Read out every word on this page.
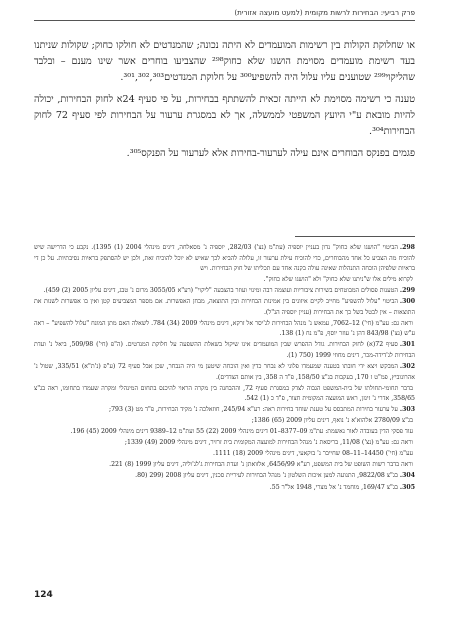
פרק רביעי: הבחירות לרשות מקומית (למעט מועצה אזורית)

או שחלוקת הקולות בין רשימות המועמדים לא היתה נכונה; שהמנדטים לא חולקו כחוק; שקולות שניתנו בעד רשימת מועמדים מסוימת הושגו שלא כחוק²⁹⁸ שהצביעו בוחרים אשר שינו מענם – ובלבד שהליקוי²⁹⁹ שטוענים עליו עלול היה להשפיע³⁰⁰ על חלוקת המנדטים³⁰¹,³⁰²,³⁰³.

טענה כי רשימה מסוימת לא הייתה זכאית להשתתף בבחירות, על פי סעיף 24א לחוק הבחירות, יכולה להיות מובאת ע"י היועץ המשפטי לממשלה, אך לא במסגרת ערעור על הבחירות לפי סעיף 72 לחוק הבחירות³⁰⁴.

פגמים בפנקס הבוחרים אינם עילה לערעור-בחירות אלא לערעור על הפנקס³⁰⁵.

298.הביטוי "הושגו שלא כחוק" נדון בעניין יוספיה (עת"מ (נצ') 282/03, יוספיה נ' מסאלחה, דינים מינהלי 2004 (1) 1395). נקבע כי הדרישה שיש להוכיח מה הצביע כל אחד מהבוחרים, כדי להוכיח עילת ערעור זו, עלולה להביא לכך שאיש לא יוכל להוכיח זאת, ולכן יש להסתפק בראיות נסיבתיות. על כן די בראיות שלפיהן הוכחה התנהלות שאינה עולה בקנה אחד עם תכליתו של חוק הבחירות. ויש
לקרוא מילים אלו ש"ניתנו שלא כחוק" ולא "הושגו שלא כחוק".
299.הטענות פסולים המבוטחים בשירות ציבוריות ועוצמה רבה ומינוי ועוזר בהצבעה "ליקוי" (רע"א 3055/05 מרום נ' טבג, דינים עליון 2005 (2) 459).
300.הביטוי "עלול להשפיע" מחייב לקיים איזונים בין אמינות הבחירות ובין התוצאה, מבחן האפשרות. אם מספר המצביעים קטן ואין בו אפשרות לשנות את התוצאות – אין לבטל בשל כך את הבחירות (עניין יוספיה הנ"ל).
וראה גם: עע"מ (חי') 12–7062, עמאש נ' מנהל הבחירות לג'יסר אל זרקא, דינים מינהלי 2009 (34) 784. לשאלה האם מתן המונח "עלול להשפיע" – ראה ע"ש (נצ') 843/98 דהן נ' עוזר יוסף, פ"מ נח (1) 138.
301.סעיף 72(א) לחוק הבחירות. גודל ההפרש שבין המועמדים אינו שיקול בשאלת ההשפעה על חלוקת המנדטים. (ה"פ (חי') 509/98, ביאל נ' ועדת הבחירות לג'דידה-מכר, דינים מחוזי 1999 (750 (1).
302.המבקש ויצא ידי חובתו בטענה שמעמדו פלוני לא נבחר כדין ואין הוכחה שיטען מי היה הנבחר, שכן אבל סעיף 72 (ע"פ (נ'ת"א) 335/51, שטול נ' אהרונוביץ, פמ"ט ז 170, בעקבות בג"צ 158/50, פ"ד ה 358, בין אותם הצדדים).
בדבר תחומי-תחולתו של בית-המשפט הגבוה לצדק במסגרת סעיף 72, וההבחנה בין מקרה הראוי להיכנס בתחום המינהלי ומקרה שעמדו בתחומו, ראה בג"צ 358/65, אדרי נ' זינזן, ראש המועצה המקומית חצור, פ"ד כ (1) 542.
303.על ערעור בחירות המתבסס על טענת שוחד בחירות ראה: רע"א 245/94, חוזאלכה נ' מקיד הבחירות, פ"ד מט (3) 793;
בג"צ 2780/09 אלהוא'א נ' נואף, דינים עליון 2009 (65) 1386;
עוד פסקי הדין בעובדה לאור נאשמת: עת"מ 09–8377–01 דינים מינהלי 2009 (22) 55 ועת"מ 12–9389 דינים מינהלי 2009 (45) 196.
וראה גם: עע"מ (נצ') 11/08, בריסאת נ' מנהל הבחירות למועצה המקומית בית זרזיר, דינים מינהלי 2009 (49) 1339;
עע"מ (חי') 14450–11–08 שחייבר נ' בוקאעי, דינים מינהלי 2009 (18) 1111.
וראה בדבר רשות השופט של בית המשפט, רע"א 6456/99, אלזואתן נ' ועדת הבחירות ג'לג'וליה, דינים עליון 1999 (8) 221.
304.בג"צ 9822/08, התנועה למען איכות השלטון נ' מנהל הבחירות לעיריית סכנין, דינים עליון 2008 (299 (80.
305.בג"צ 169/47, מוחמד נ' אל מצרי, 1948 אל"ר 55.
124
